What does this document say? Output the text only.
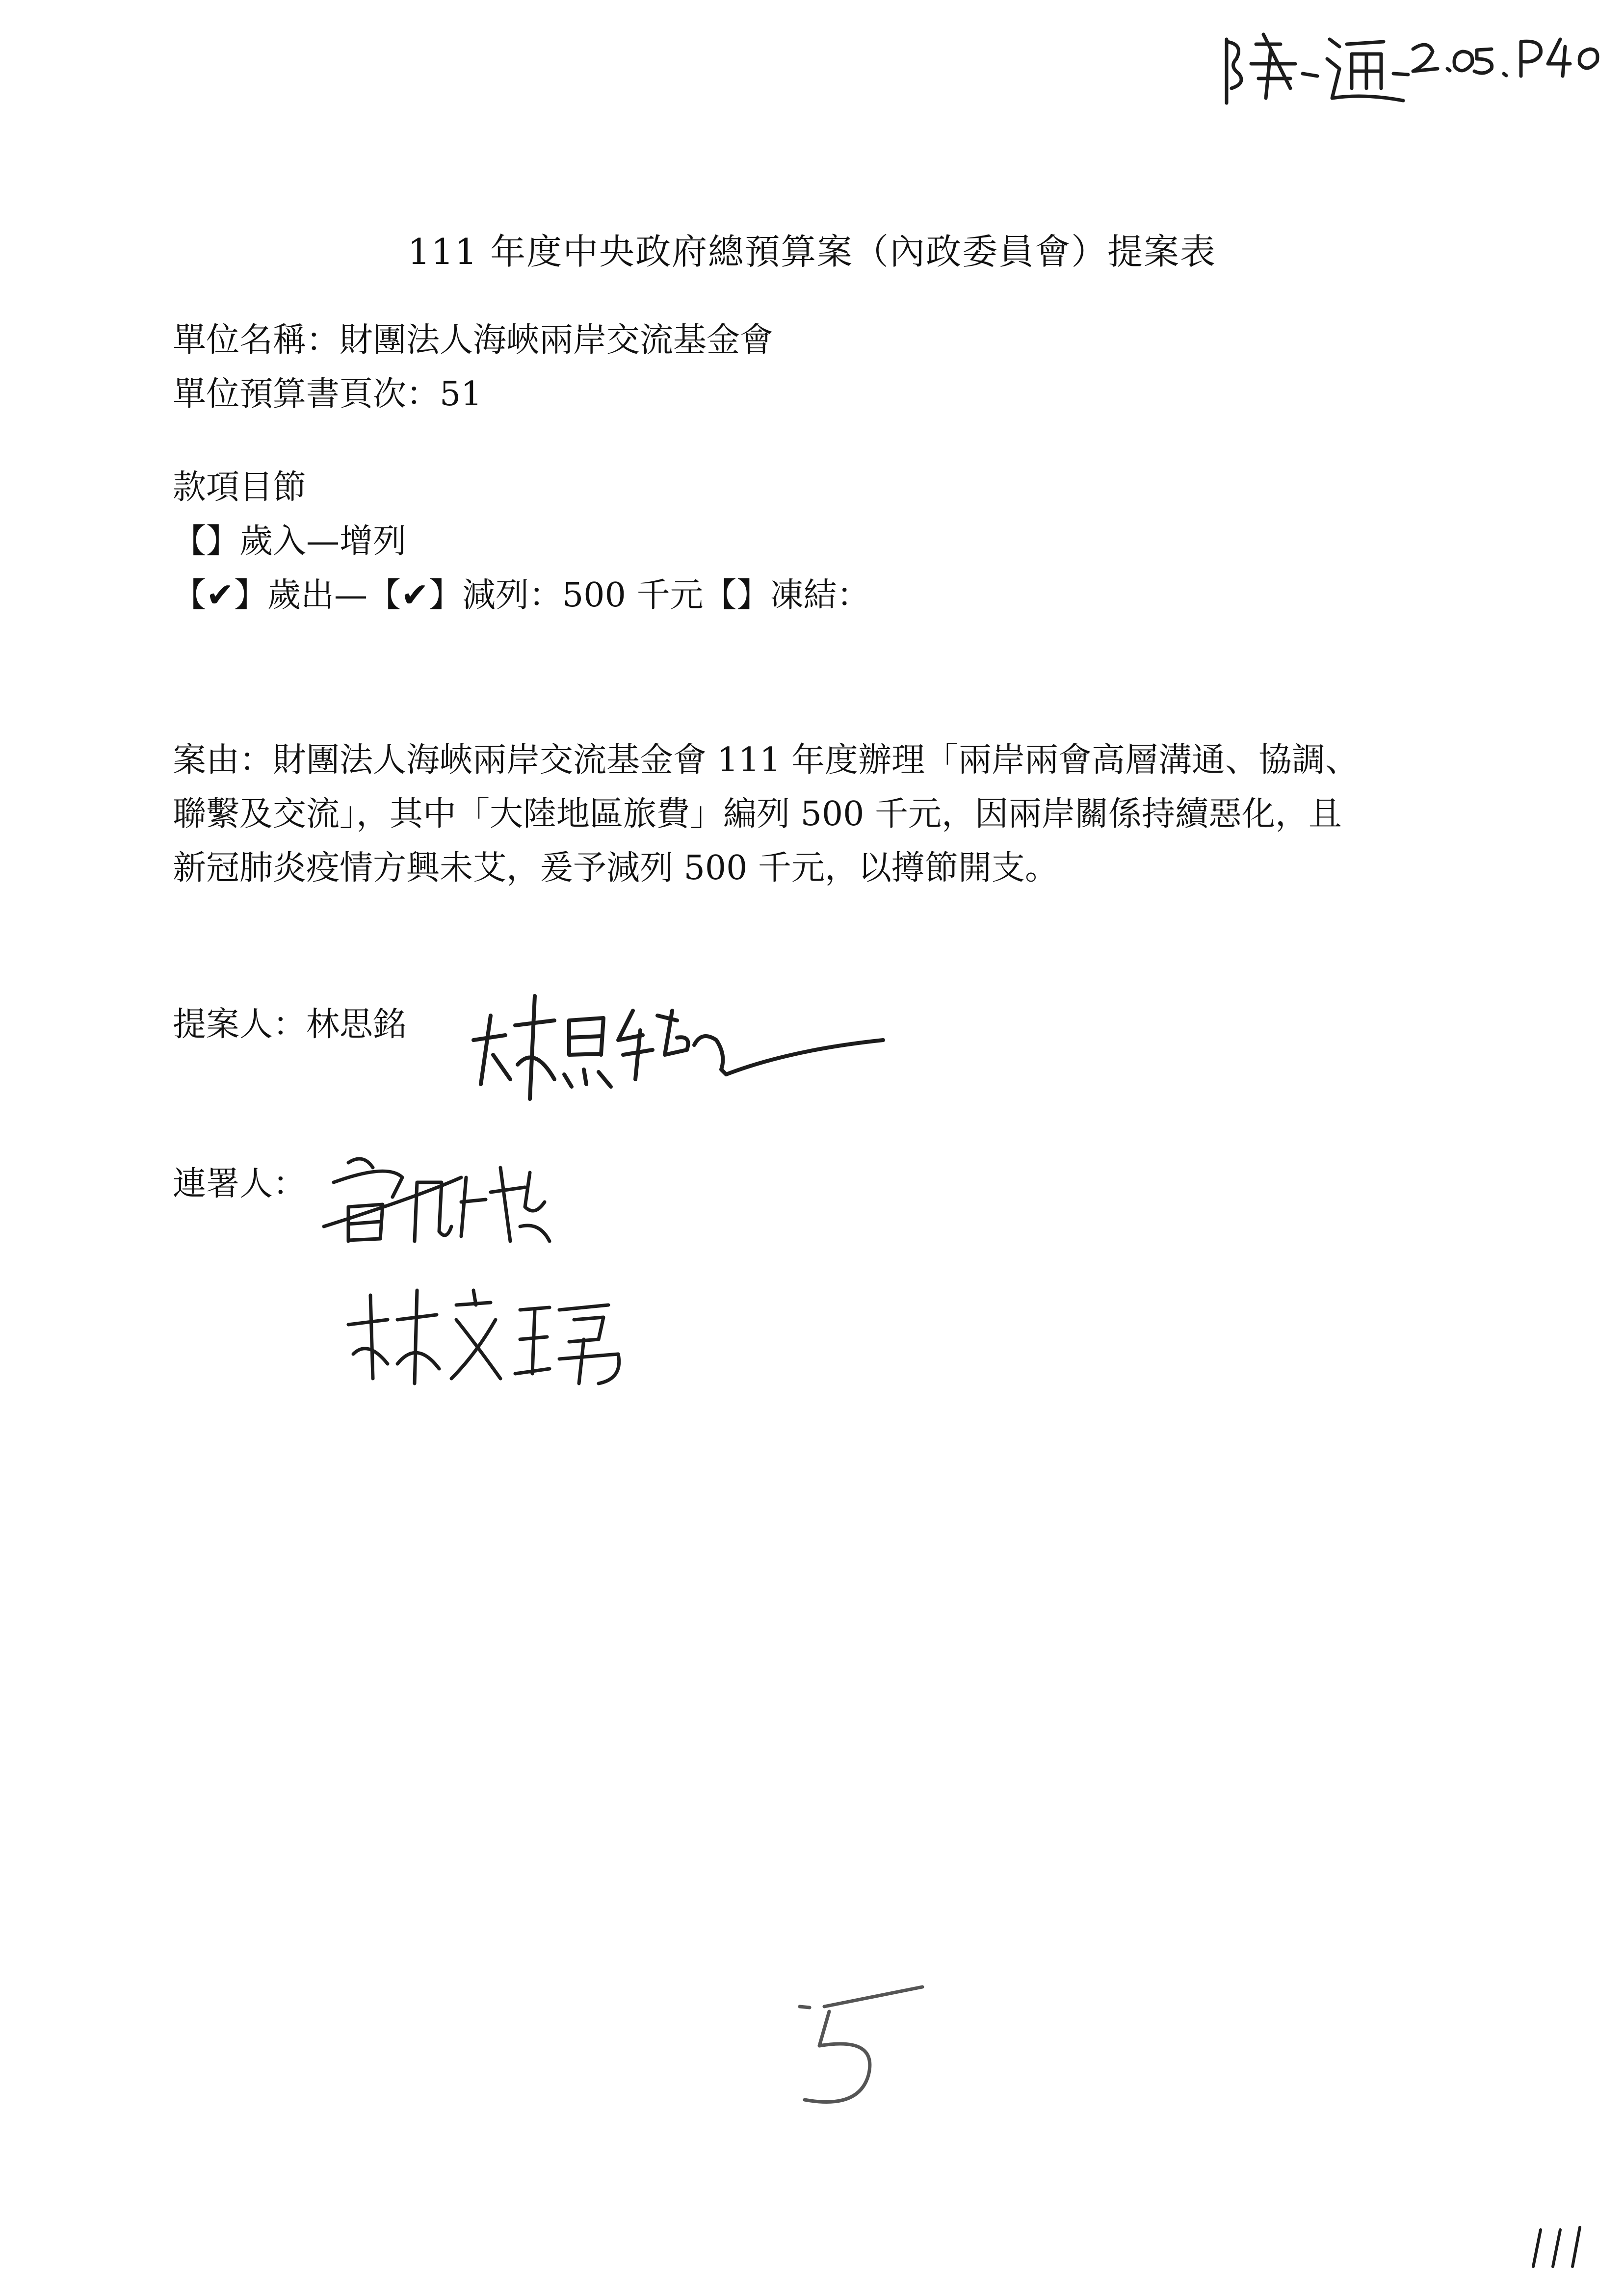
111 年度中央政府總預算案（內政委員會）提案表
單位名稱：財團法人海峽兩岸交流基金會
單位預算書頁次：51
款項目節
【】歲入—增列
【✔】歲出—【✔】減列：500 千元【】凍結：

案由：財團法人海峽兩岸交流基金會 111 年度辦理「兩岸兩會高層溝通、協調、

聯繫及交流」，其中「大陸地區旅費」編列 500 千元，因兩岸關係持續惡化，且

新冠肺炎疫情方興未艾，爰予減列 500 千元，以撙節開支。

提案人：林思銘
連署人：
